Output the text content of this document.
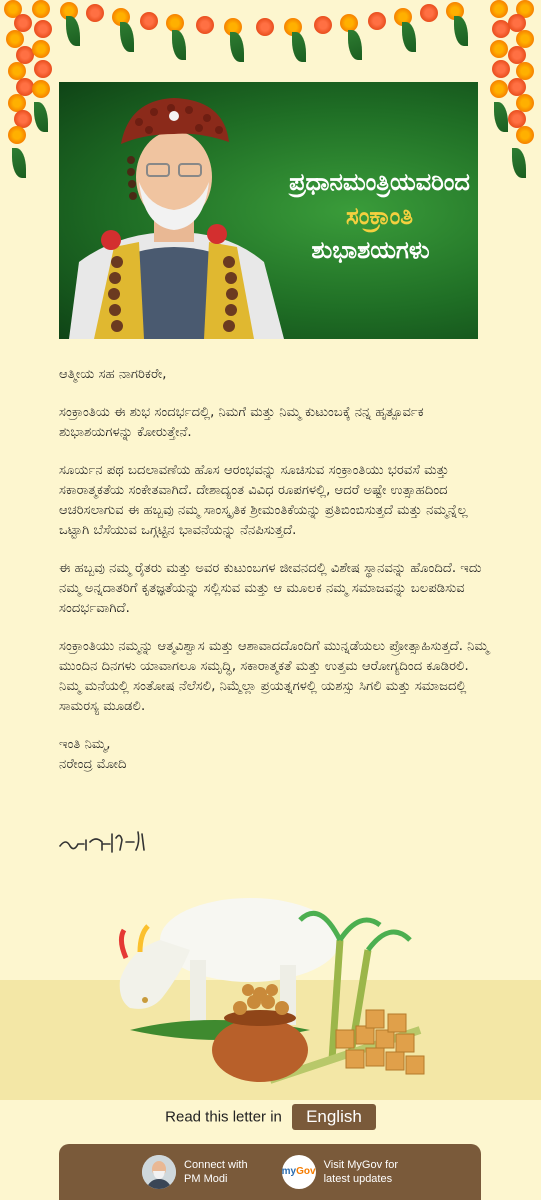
ಪ್ರಧಾನಮಂತ್ರಿಯವರಿಂದ
ಸಂಕ್ರಾಂತಿ
ಶುಭಾಶಯಗಳು

ಆತ್ಮೀಯ ಸಹ ನಾಗರಿಕರೇ,

ಸಂಕ್ರಾಂತಿಯ ಈ ಶುಭ ಸಂದರ್ಭದಲ್ಲಿ, ನಿಮಗೆ ಮತ್ತು ನಿಮ್ಮ ಕುಟುಂಬಕ್ಕೆ ನನ್ನ ಹೃತ್ಪೂರ್ವಕ ಶುಭಾಶಯಗಳನ್ನು ಕೋರುತ್ತೇನೆ.

ಸೂರ್ಯನ ಪಥ ಬದಲಾವಣೆಯ ಹೊಸ ಆರಂಭವನ್ನು ಸೂಚಿಸುವ ಸಂಕ್ರಾಂತಿಯು ಭರವಸೆ ಮತ್ತು ಸಕಾರಾತ್ಮಕತೆಯ ಸಂಕೇತವಾಗಿದೆ. ದೇಶಾದ್ಯಂತ ವಿವಿಧ ರೂಪಗಳಲ್ಲಿ, ಆದರೆ ಅಷ್ಟೇ ಉತ್ಸಾಹದಿಂದ ಆಚರಿಸಲಾಗುವ ಈ ಹಬ್ಬವು ನಮ್ಮ ಸಾಂಸ್ಕೃತಿಕ ಶ್ರೀಮಂತಿಕೆಯನ್ನು ಪ್ರತಿಬಿಂಬಿಸುತ್ತದೆ ಮತ್ತು ನಮ್ಮನ್ನೆಲ್ಲ ಒಟ್ಟಾಗಿ ಬೆಸೆಯುವ ಒಗ್ಗಟ್ಟಿನ ಭಾವನೆಯನ್ನು ನೆನಪಿಸುತ್ತದೆ.

ಈ ಹಬ್ಬವು ನಮ್ಮ ರೈತರು ಮತ್ತು ಅವರ ಕುಟುಂಬಗಳ ಜೀವನದಲ್ಲಿ ವಿಶೇಷ ಸ್ಥಾನವನ್ನು ಹೊಂದಿದೆ. ಇದು ನಮ್ಮ ಅನ್ನದಾತರಿಗೆ ಕೃತಜ್ಞತೆಯನ್ನು ಸಲ್ಲಿಸುವ ಮತ್ತು ಆ ಮೂಲಕ ನಮ್ಮ ಸಮಾಜವನ್ನು ಬಲಪಡಿಸುವ ಸಂದರ್ಭವಾಗಿದೆ.

ಸಂಕ್ರಾಂತಿಯು ನಮ್ಮನ್ನು ಆತ್ಮವಿಶ್ವಾಸ ಮತ್ತು ಆಶಾವಾದದೊಂದಿಗೆ ಮುನ್ನಡೆಯಲು ಪ್ರೋತ್ಸಾಹಿಸುತ್ತದೆ. ನಿಮ್ಮ ಮುಂದಿನ ದಿನಗಳು ಯಾವಾಗಲೂ ಸಮೃದ್ಧಿ, ಸಕಾರಾತ್ಮಕತೆ ಮತ್ತು ಉತ್ತಮ ಆರೋಗ್ಯದಿಂದ ಕೂಡಿರಲಿ. ನಿಮ್ಮ ಮನೆಯಲ್ಲಿ ಸಂತೋಷ ನೆಲೆಸಲಿ, ನಿಮ್ಮೆಲ್ಲಾ ಪ್ರಯತ್ನಗಳಲ್ಲಿ ಯಶಸ್ಸು ಸಿಗಲಿ ಮತ್ತು ಸಮಾಜದಲ್ಲಿ ಸಾಮರಸ್ಯ ಮೂಡಲಿ.

ಇಂತಿ ನಿಮ್ಮ,
ನರೇಂದ್ರ ಮೋದಿ
Read this letter in English
Connect with
PM Modi
my Gov
Visit MyGov for
latest updates
